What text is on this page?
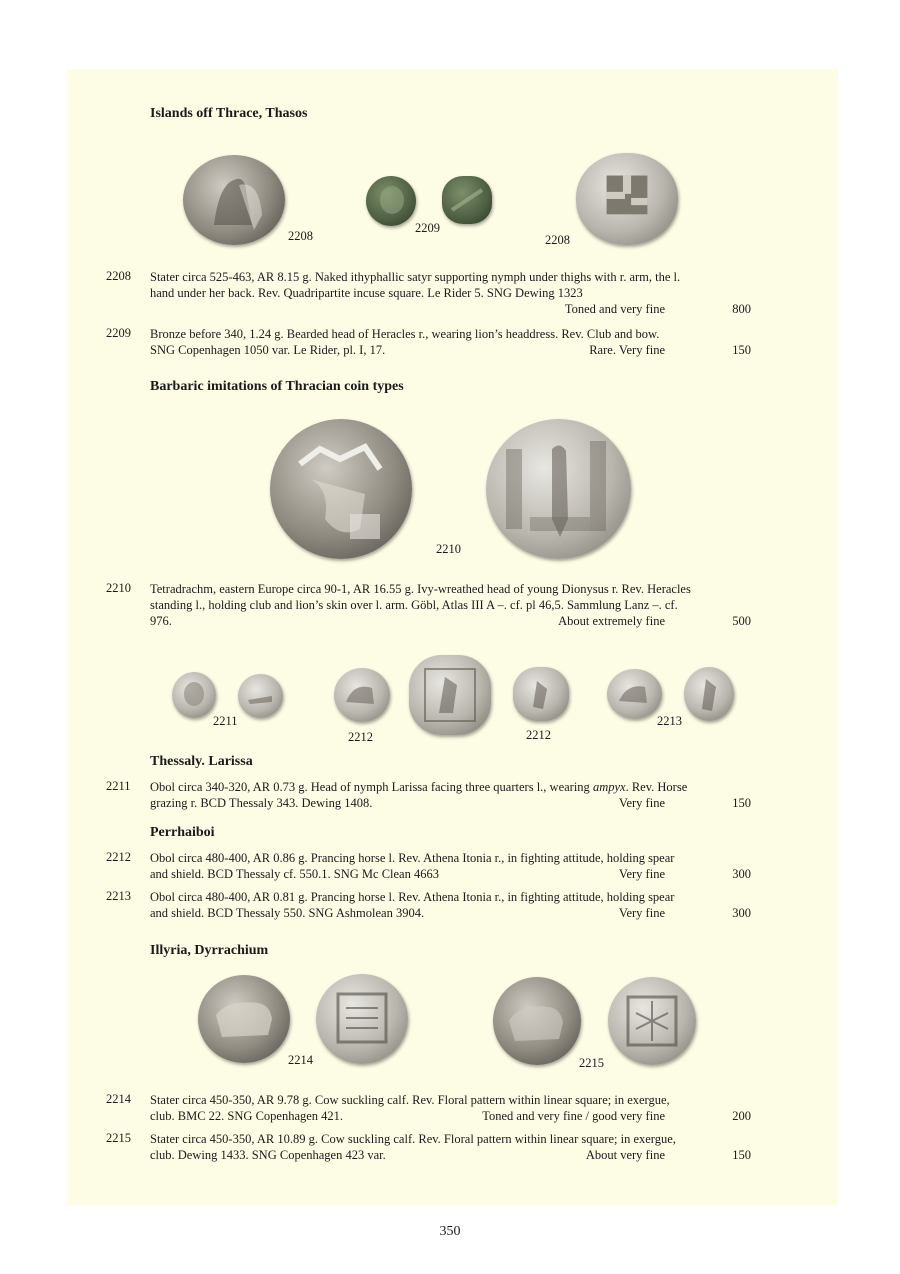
Islands off Thrace, Thasos
2208
2209
2208
2208 Stater circa 525-463, AR 8.15 g. Naked ithyphallic satyr supporting nymph under thighs with r. arm, the l.
hand under her back. Rev. Quadripartite incuse square. Le Rider 5. SNG Dewing 1323
Toned and very fine	800
2209 Bronze before 340, 1.24 g. Bearded head of Heracles r., wearing lion’s headdress. Rev. Club and bow.
SNG Copenhagen 1050 var. Le Rider, pl. I, 17.	Rare. Very fine	150
Barbaric imitations of Thracian coin types
2210
2210 Tetradrachm, eastern Europe circa 90-1, AR 16.55 g. Ivy-wreathed head of young Dionysus r. Rev. Heracles
standing l., holding club and lion’s skin over l. arm. Göbl, Atlas III A –. cf. pl 46,5. Sammlung Lanz –. cf.
976.	About extremely fine	500
2211
2212	2212
2213
Thessaly. Larissa
2211 Obol circa 340-320, AR 0.73 g. Head of nymph Larissa facing three quarters l., wearing ampyx. Rev. Horse
grazing r. BCD Thessaly 343. Dewing 1408.	Very fine	150
Perrhaiboi
2212 Obol circa 480-400, AR 0.86 g. Prancing horse l. Rev. Athena Itonia r., in fighting attitude, holding spear
and shield. BCD Thessaly cf. 550.1. SNG Mc Clean 4663	Very fine	300
2213 Obol circa 480-400, AR 0.81 g. Prancing horse l. Rev. Athena Itonia r., in fighting attitude, holding spear
and shield. BCD Thessaly 550. SNG Ashmolean 3904.	Very fine	300
Illyria, Dyrrachium
2214	2215
2214 Stater circa 450-350, AR 9.78 g. Cow suckling calf. Rev. Floral pattern within linear square; in exergue,
club. BMC 22. SNG Copenhagen 421.	Toned and very fine / good very fine	200
2215 Stater circa 450-350, AR 10.89 g. Cow suckling calf. Rev. Floral pattern within linear square; in exergue,
club. Dewing 1433. SNG Copenhagen 423 var.	About very fine	150
350
